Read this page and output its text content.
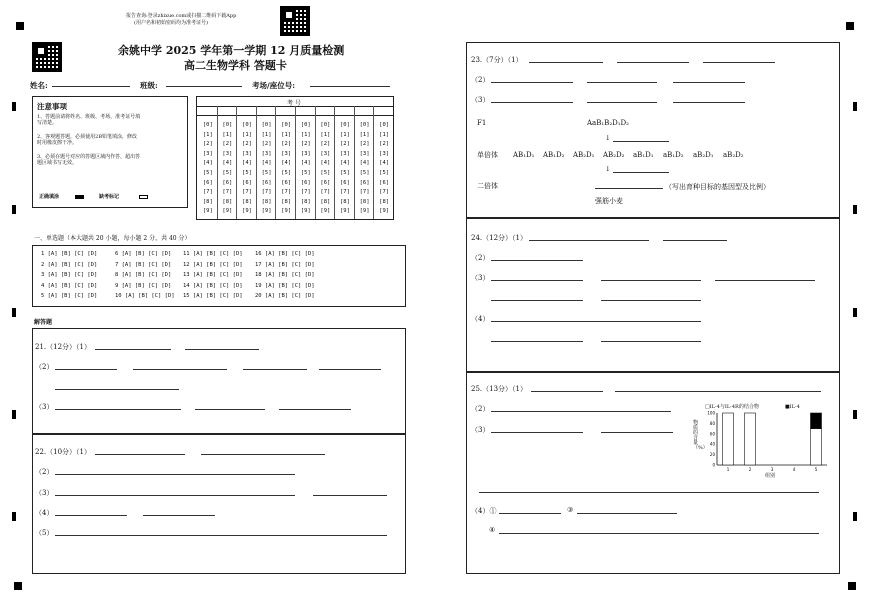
报告查询:登录zhixue.com或扫描二维码下载App
(用户名和初始密码均为准考证号)
余姚中学 2025 学年第一学期 12 月质量检测
高二生物学科 答题卡
姓名:	班级:	考场/座位号:
注意事项
1、答题前请将姓名、班级、考场、准考证号填写清楚。
2、客观题答题，必须使用2B铅笔填涂，修改时用橡皮擦干净。
3、必须在题号对应的答题区域内作答，超出答题区域书写无效。
正确填涂	缺考标记
考 号
[0] [0] [0] [0] [0] [0] [0] [0] [0] [0]
[1] [1] [1] [1] [1] [1] [1] [1] [1] [1]
[2] [2] [2] [2] [2] [2] [2] [2] [2] [2]
[3] [3] [3] [3] [3] [3] [3] [3] [3] [3]
[4] [4] [4] [4] [4] [4] [4] [4] [4] [4]
[5] [5] [5] [5] [5] [5] [5] [5] [5] [5]
[6] [6] [6] [6] [6] [6] [6] [6] [6] [6]
[7] [7] [7] [7] [7] [7] [7] [7] [7] [7]
[8] [8] [8] [8] [8] [8] [8] [8] [8] [8]
[9] [9] [9] [9] [9] [9] [9] [9] [9] [9]
一、单选题（本大题共 20 小题，每小题 2 分，共 40 分）
1 [A] [B] [C] [D]
2 [A] [B] [C] [D]
3 [A] [B] [C] [D]
4 [A] [B] [C] [D]
5 [A] [B] [C] [D]
6 [A] [B] [C] [D]
7 [A] [B] [C] [D]
8 [A] [B] [C] [D]
9 [A] [B] [C] [D]
10 [A] [B] [C] [D]
11 [A] [B] [C] [D]
12 [A] [B] [C] [D]
13 [A] [B] [C] [D]
14 [A] [B] [C] [D]
15 [A] [B] [C] [D]
16 [A] [B] [C] [D]
17 [A] [B] [C] [D]
18 [A] [B] [C] [D]
19 [A] [B] [C] [D]
20 [A] [B] [C] [D]
解答题
21.（12分）（1）
（2）
（3）
22.（10分）（1）
（2）
（3）
（4）
（5）
23.（7分）（1）
（2）
（3）
F1	AaB₁B₂D₁D₂
↓
单倍体 AB₁D₁ AB₁D₂ AB₂D₁ AB₂D₂ aB₁D₁ aB₁D₂ aB₂D₁ aB₂D₂
↓
二倍体	（写出育种目标的基因型及比例）
强筋小麦
24.（12分）（1）
（2）
（3）
（4）
25.（13分）（1）
（2）
（3）
□IL-4与IL-4R的结合物	■IL-4
物质的含量（%）
组别
100
80
60
40
20
0
1	2	3	4	5
（4）①	③
④
